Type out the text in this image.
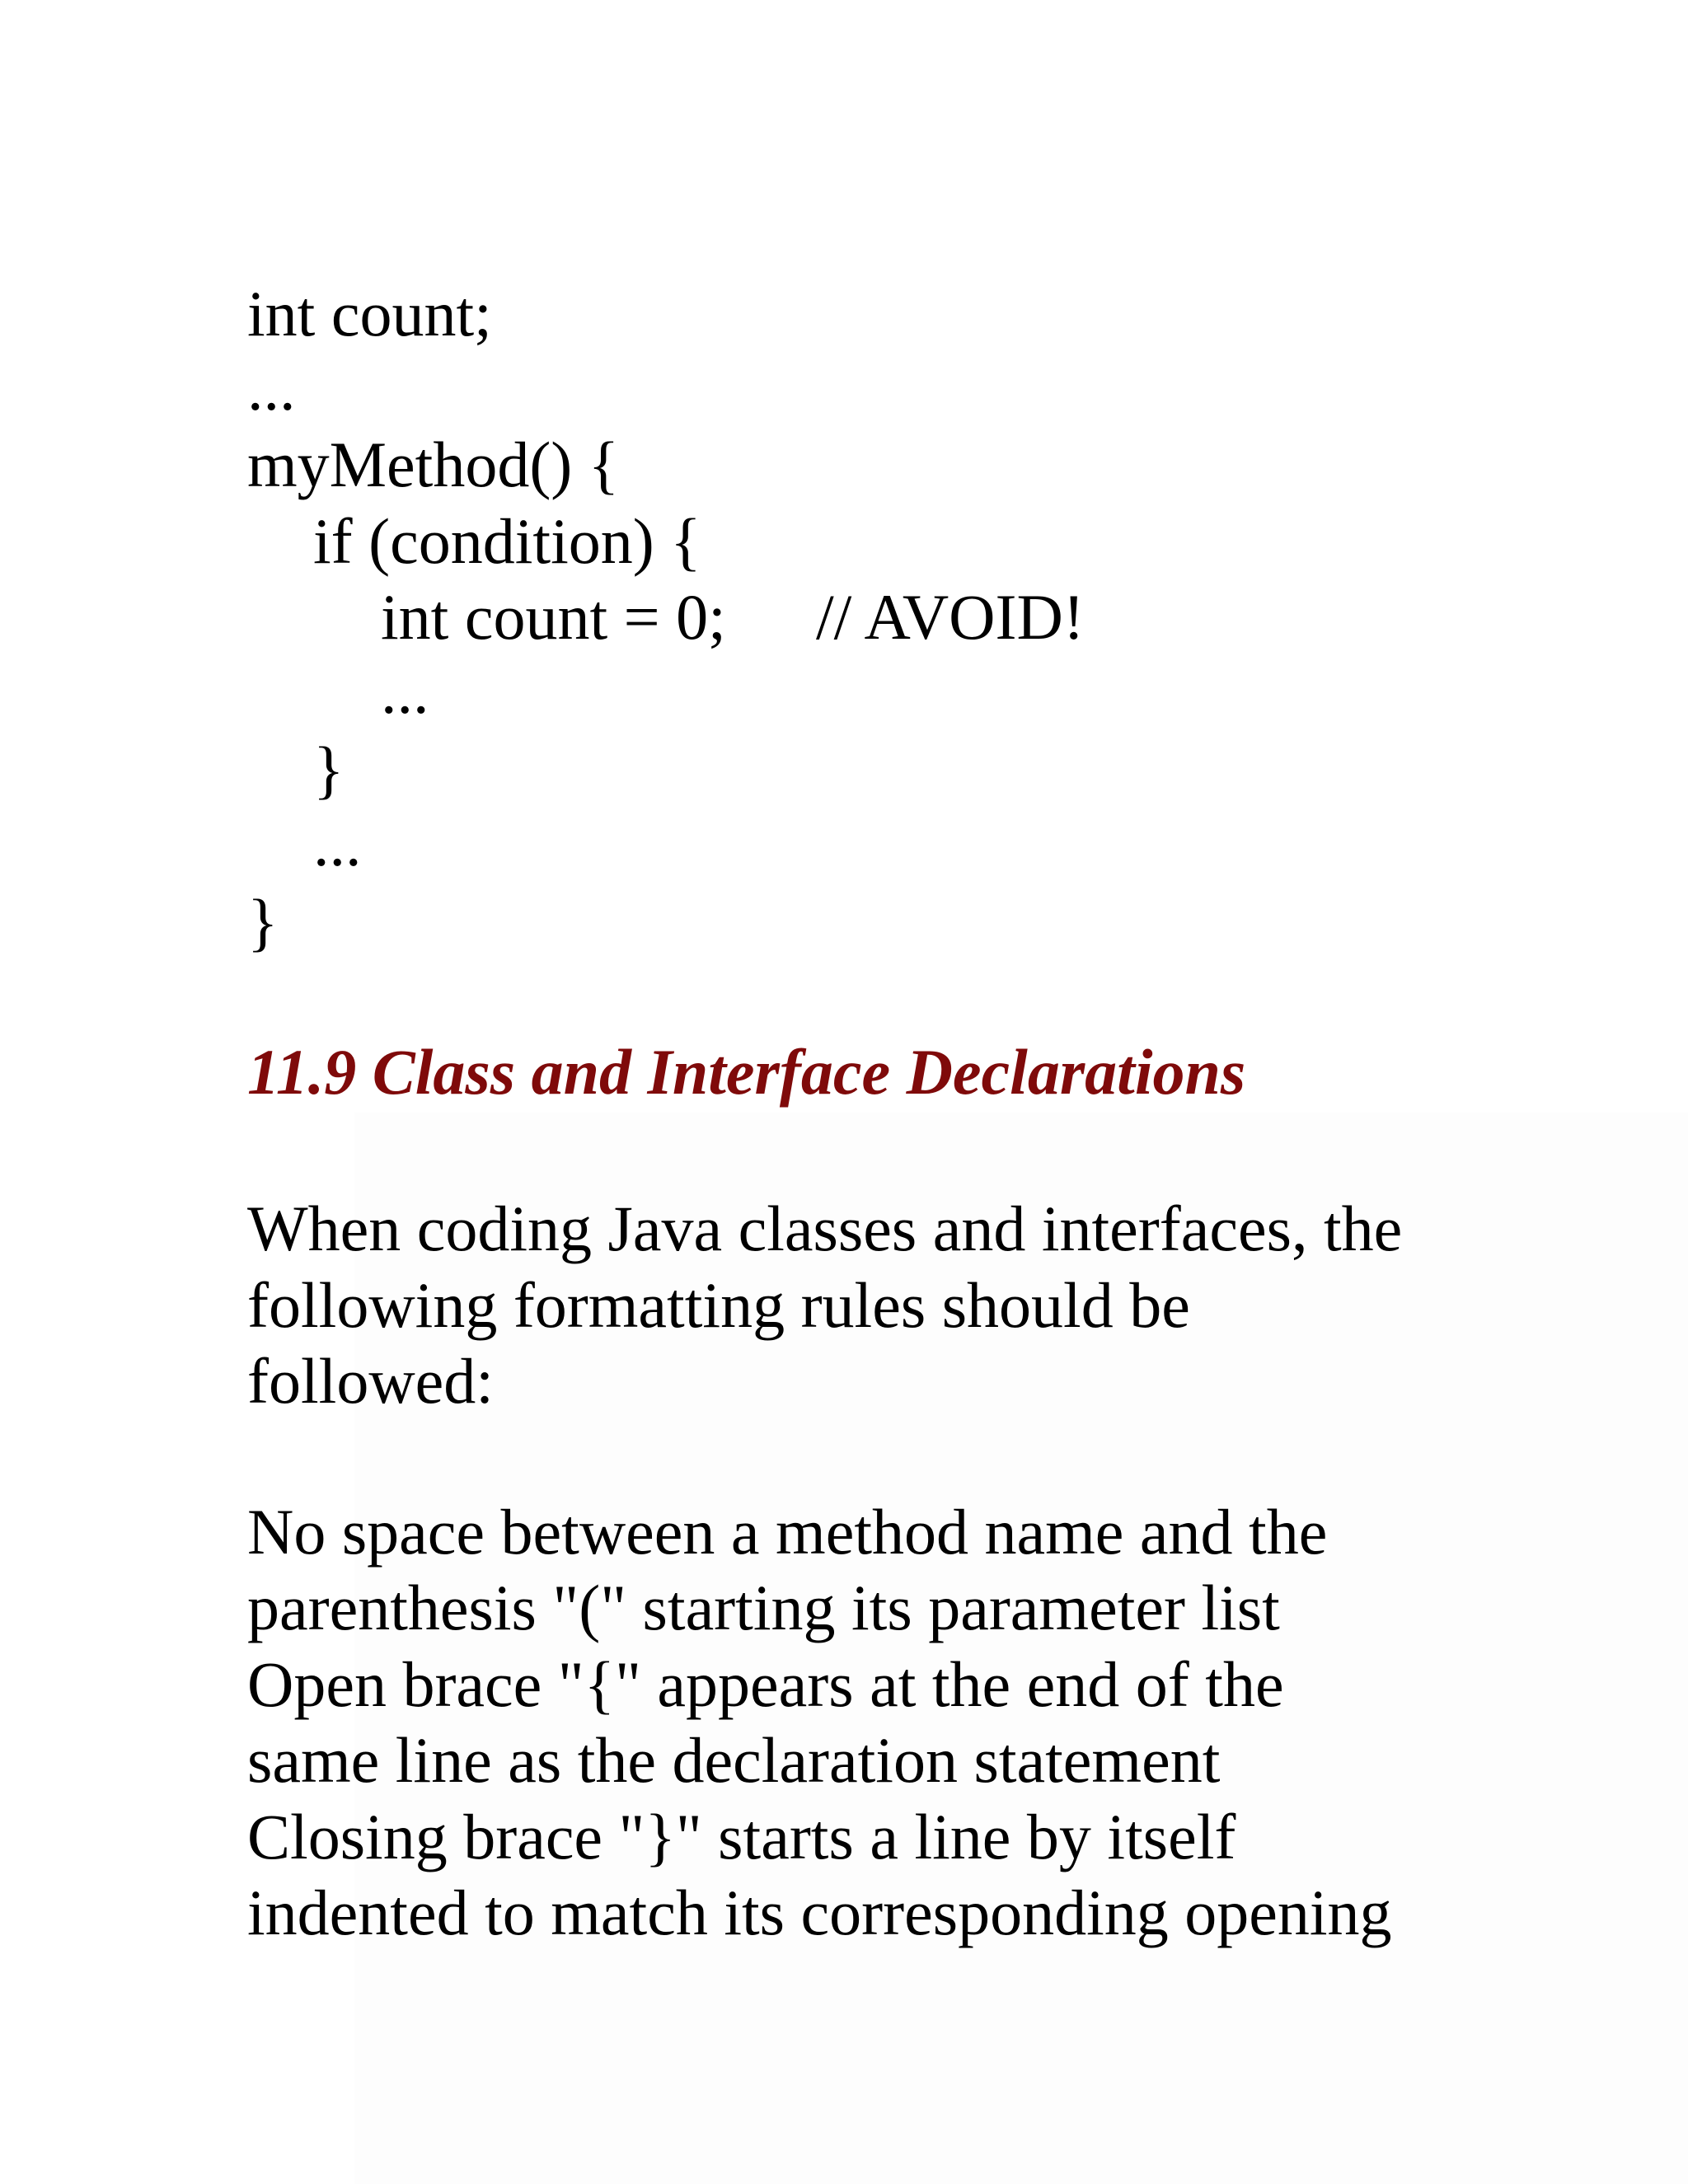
int count;
...
myMethod() {
if (condition) {
int count = 0; // AVOID!
...
}
...
}
11.9 Class and Interface Declarations
When coding Java classes and interfaces, the
following formatting rules should be
followed:
No space between a method name and the
parenthesis "(" starting its parameter list
Open brace "{" appears at the end of the
same line as the declaration statement
Closing brace "}" starts a line by itself
indented to match its corresponding opening
